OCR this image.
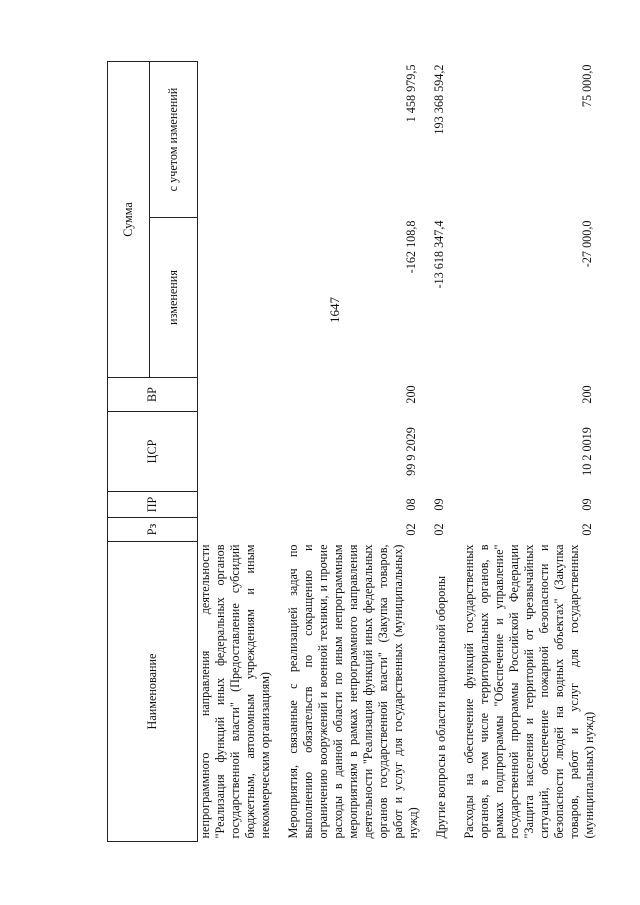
1647
Наименование	Рз	ПР	ЦСР	ВР	Сумма	
					изменения	с учетом изменений
непрограммного направления деятельности "Реализация функций иных федеральных органов государственной власти" (Предоставление субсидий бюджетным, автономным учреждениям и иным некоммерческим организациям)						
Мероприятия, связанные с реализацией задач по выполнению обязательств по сокращению и ограничению вооружений и военной техники, и прочие расходы в данной области по иным непрограммным мероприятиям в рамках непрограммного направления деятельности "Реализация функций иных федеральных органов государственной власти" (Закупка товаров, работ и услуг для государственных (муниципальных) нужд)	02	08	99 9 2029	200	-162 108,8	1 458 979,5
Другие вопросы в области национальной обороны	02	09			-13 618 347,4	193 368 594,2
Расходы на обеспечение функций государственных органов, в том числе территориальных органов, в рамках подпрограммы "Обеспечение и управление" государственной программы Российской Федерации "Защита населения и территорий от чрезвычайных ситуаций, обеспечение пожарной безопасности и безопасности людей на водных объектах" (Закупка товаров, работ и услуг для государственных (муниципальных) нужд)	02	09	10 2 0019	200	-27 000,0	75 000,0
